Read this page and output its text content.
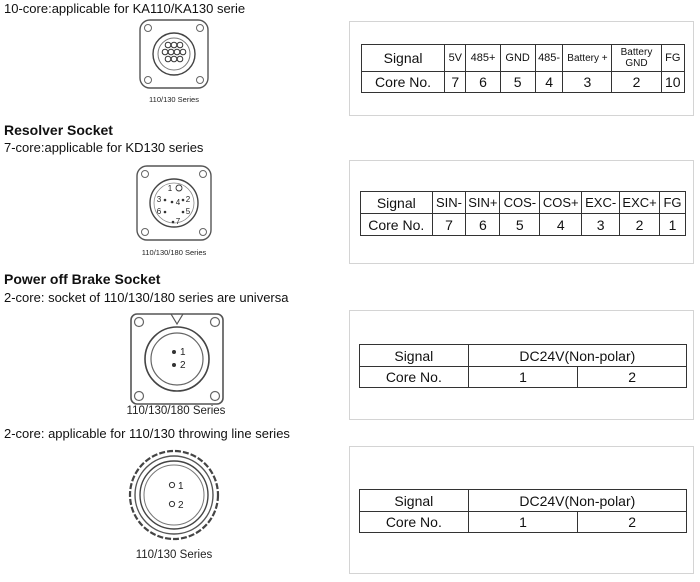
10-core:applicable for KA110/KA130 serie
110/130 Series
Signal	5V	485+	GND	485-	Battery +	Battery GND	FG
Core No.	7	6	5	4	3	2	10
Resolver Socket
7-core:applicable for KD130 series
1
2
3 4
5
6
7
110/130/180 Series
Signal	SIN-	SIN+	COS-	COS+	EXC-	EXC+	FG
Core No.	7	6	5	4	3	2	1
Power off Brake Socket
2-core: socket of 110/130/180 series are universa
1
2
110/130/180 Series
Signal	DC24V(Non-polar)	
Core No.	1	2
2-core: applicable for 110/130 throwing line series
1
2
110/130 Series
Signal	DC24V(Non-polar)	
Core No.	1	2
